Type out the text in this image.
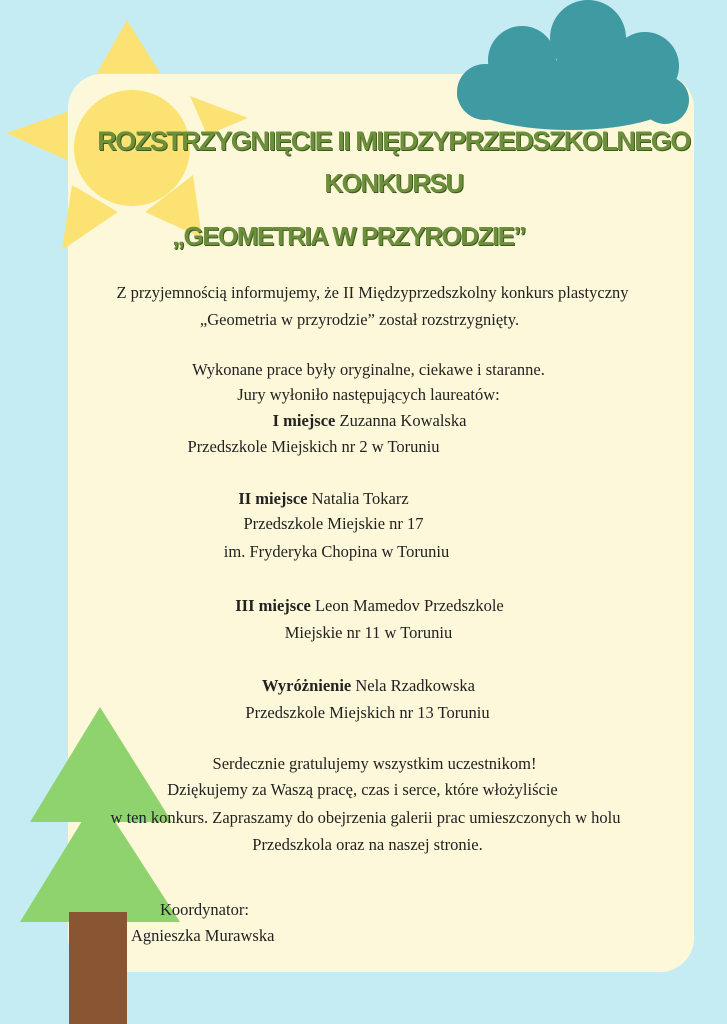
ROZSTRZYGNIĘCIE II MIĘDZYPRZEDSZKOLNEGO
KONKURSU
„GEOMETRIA W PRZYRODZIE”
Z przyjemnością informujemy, że II Międzyprzedszkolny konkurs plastyczny
„Geometria w przyrodzie” został rozstrzygnięty.
Wykonane prace były oryginalne, ciekawe i staranne.
Jury wyłoniło następujących laureatów:
I miejsce Zuzanna Kowalska
Przedszkole Miejskich nr 2 w Toruniu
II miejsce Natalia Tokarz
Przedszkole Miejskie nr 17
im. Fryderyka Chopina w Toruniu
III miejsce Leon Mamedov Przedszkole
Miejskie nr 11 w Toruniu
Wyróżnienie Nela Rzadkowska
Przedszkole Miejskich nr 13 Toruniu
Serdecznie gratulujemy wszystkim uczestnikom!
Dziękujemy za Waszą pracę, czas i serce, które włożyliście
w ten konkurs. Zapraszamy do obejrzenia galerii prac umieszczonych w holu
Przedszkola oraz na naszej stronie.
Koordynator:
Agnieszka Murawska
